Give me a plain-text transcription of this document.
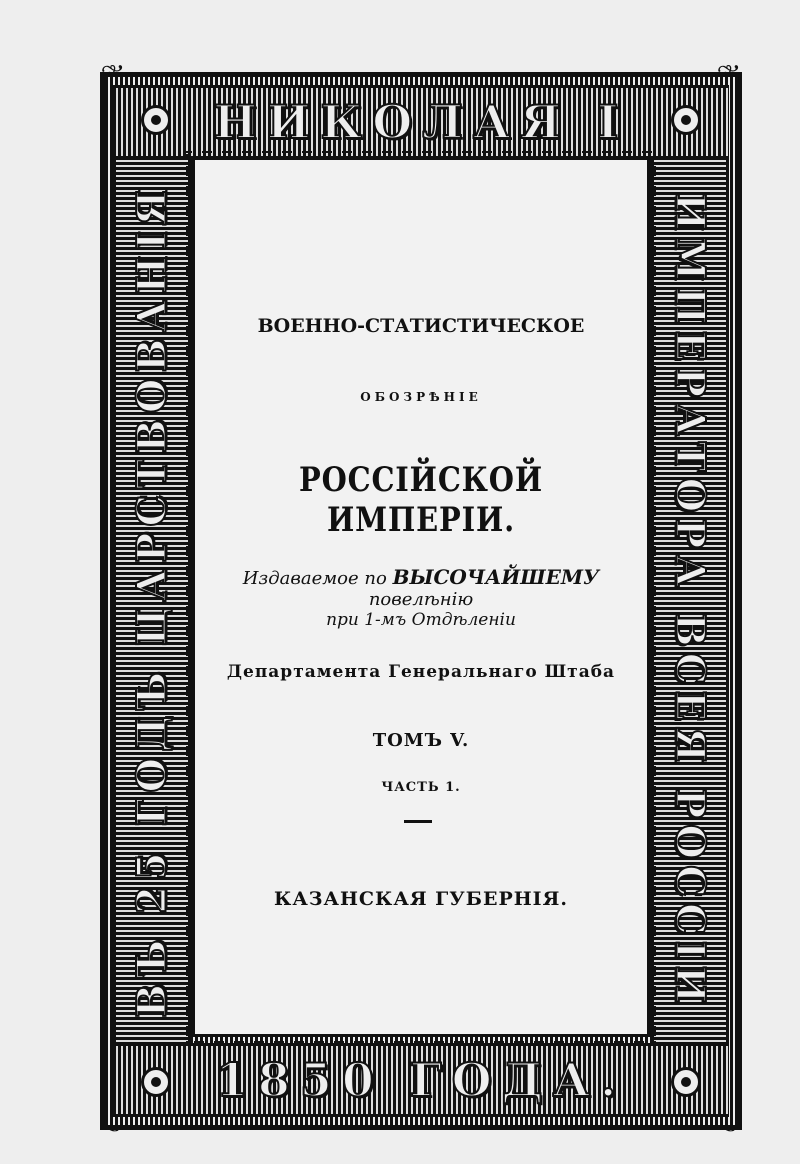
НИКОЛАЯ I
1850 ГОДА.
ВЪ 25 ГОДЪ ЦАРСТВОВАНІЯ	ИМПЕРАТОРА ВСЕЯ РОССІИ
ВОЕННО-СТАТИСТИЧЕСКОЕ
ОБОЗРѢНІЕ
РОССІЙСКОЙ ИМПЕРІИ.
Издаваемое по ВЫСОЧАЙШЕМУ повелѣнію
при 1-мъ Отдѣленіи
Департамента Генеральнаго Штаба
ТОМЪ V.
ЧАСТЬ 1.
КАЗАНСКАЯ ГУБЕРНІЯ.
